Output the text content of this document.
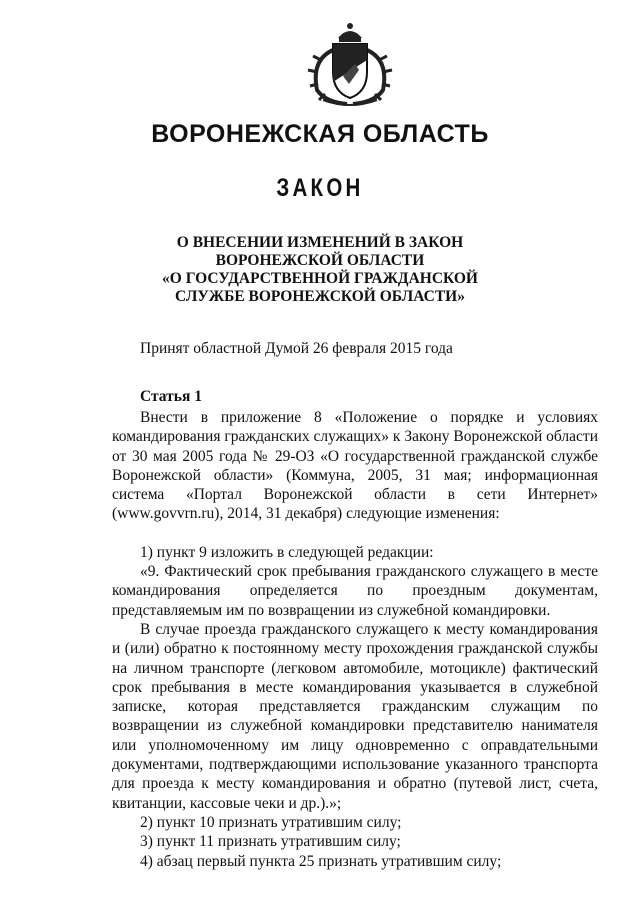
ВОРОНЕЖСКАЯ ОБЛАСТЬ
ЗАКОН
О ВНЕСЕНИИ ИЗМЕНЕНИЙ В ЗАКОН
ВОРОНЕЖСКОЙ ОБЛАСТИ
«О ГОСУДАРСТВЕННОЙ ГРАЖДАНСКОЙ
СЛУЖБЕ ВОРОНЕЖСКОЙ ОБЛАСТИ»
Принят областной Думой 26 февраля 2015 года
Статья 1

Внести в приложение 8 «Положение о порядке и условиях командирования гражданских служащих» к Закону Воронежской области от 30 мая 2005 года № 29-ОЗ «О государственной гражданской службе Воронежской области» (Коммуна, 2005, 31 мая; информационная система «Портал Воронежской области в сети Интернет» (www.govvrn.ru), 2014, 31 декабря) следующие изменения:

1) пункт 9 изложить в следующей редакции:

«9. Фактический срок пребывания гражданского служащего в месте командирования определяется по проездным документам, представляемым им по возвращении из служебной командировки.

В случае проезда гражданского служащего к месту командирования и (или) обратно к постоянному месту прохождения гражданской службы на личном транспорте (легковом автомобиле, мотоцикле) фактический срок пребывания в месте командирования указывается в служебной записке, которая представляется гражданским служащим по возвращении из служебной командировки представителю нанимателя или уполномоченному им лицу одновременно с оправдательными документами, подтверждающими использование указанного транспорта для проезда к месту командирования и обратно (путевой лист, счета, квитанции, кассовые чеки и др.).»;

2) пункт 10 признать утратившим силу;

3) пункт 11 признать утратившим силу;

4) абзац первый пункта 25 признать утратившим силу;
